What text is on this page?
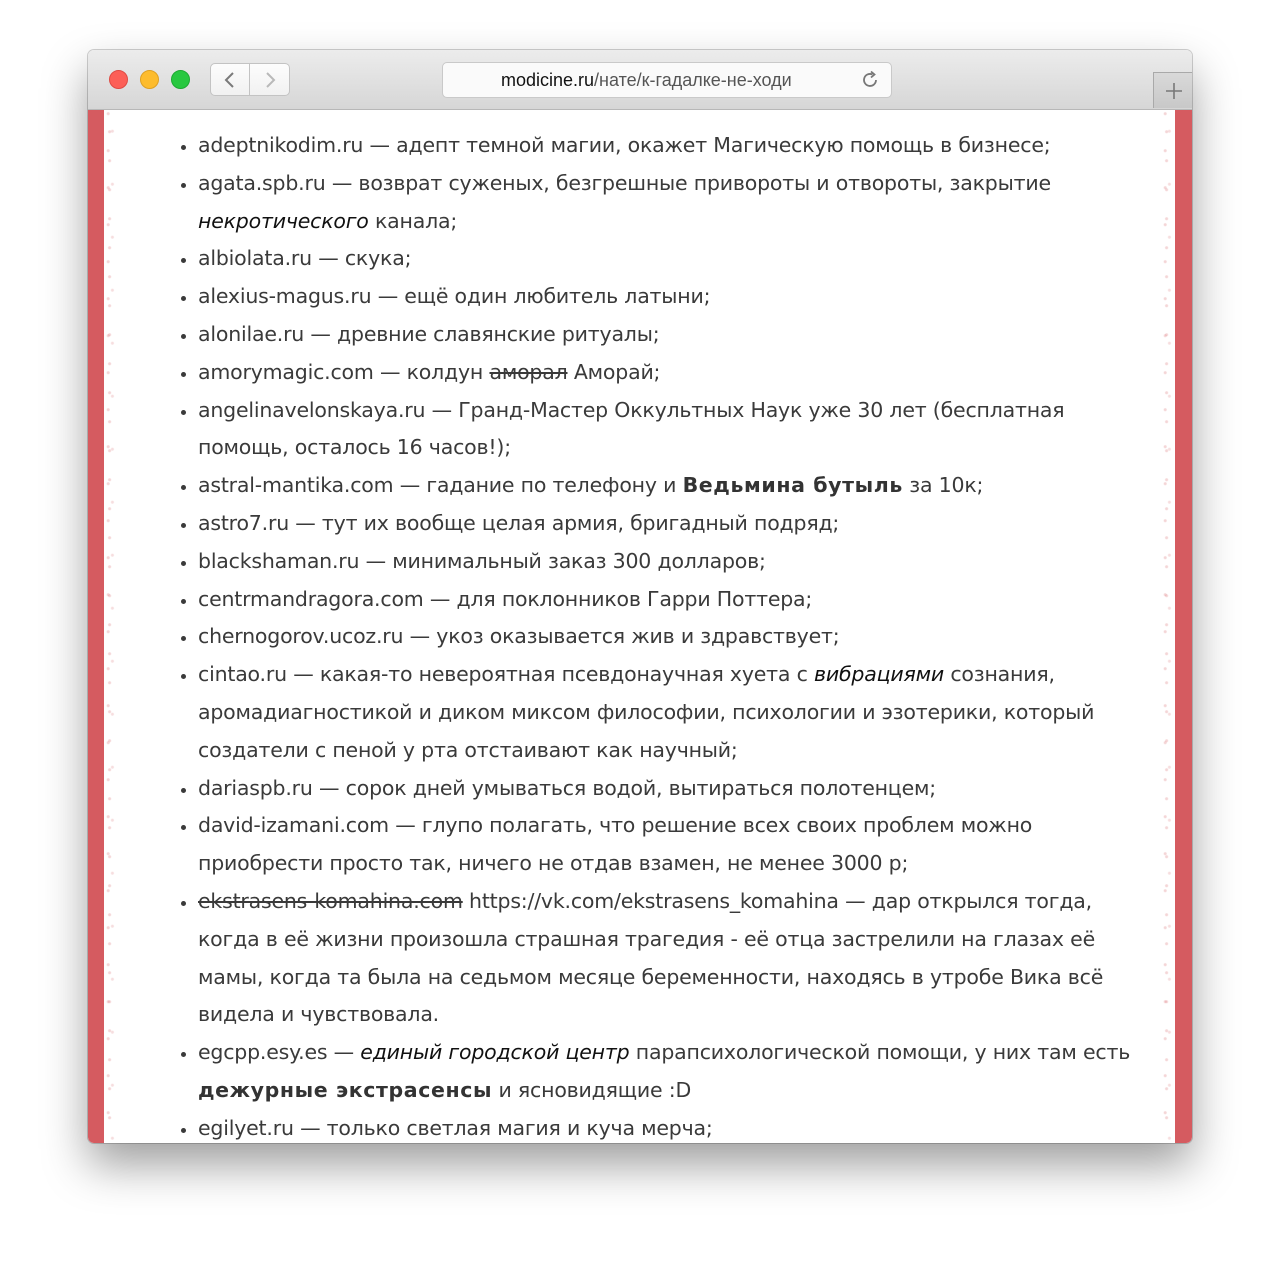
modicine.ru/нате/к-гадалке-не-ходи
• adeptnikodim.ru — адепт темной магии, окажет Магическую помощь в бизнесе;
• agata.spb.ru — возврат суженых, безгрешные привороты и отвороты, закрытие некротического канала;
• albiolata.ru — скука;
• alexius-magus.ru — ещё один любитель латыни;
• alonilae.ru — древние славянские ритуалы;
• amorymagic.com — колдун аморал Аморай;
• angelinavelonskaya.ru — Гранд-Мастер Оккультных Наук уже 30 лет (бесплатная помощь, осталось 16 часов!);
• astral-mantika.com — гадание по телефону и Ведьмина бутыль за 10к;
• astro7.ru — тут их вообще целая армия, бригадный подряд;
• blackshaman.ru — минимальный заказ 300 долларов;
• centrmandragora.com — для поклонников Гарри Поттера;
• chernogorov.ucoz.ru — укоз оказывается жив и здравствует;
• cintao.ru — какая-то невероятная псевдонаучная хуета с вибрациями сознания, аромадиагностикой и диком миксом философии, психологии и эзотерики, который создатели с пеной у рта отстаивают как научный;
• dariaspb.ru — сорок дней умываться водой, вытираться полотенцем;
• david-izamani.com — глупо полагать, что решение всех своих проблем можно приобрести просто так, ничего не отдав взамен, не менее 3000 р;
• ekstrasens-komahina.com https://vk.com/ekstrasens_komahina — дар открылся тогда, когда в её жизни произошла страшная трагедия - её отца застрелили на глазах её мамы, когда та была на седьмом месяце беременности, находясь в утробе Вика всё видела и чувствовала.
• egcpp.esy.es — единый городской центр парапсихологической помощи, у них там есть дежурные экстрасенсы и ясновидящие :D
• egilyet.ru — только светлая магия и куча мерча;
